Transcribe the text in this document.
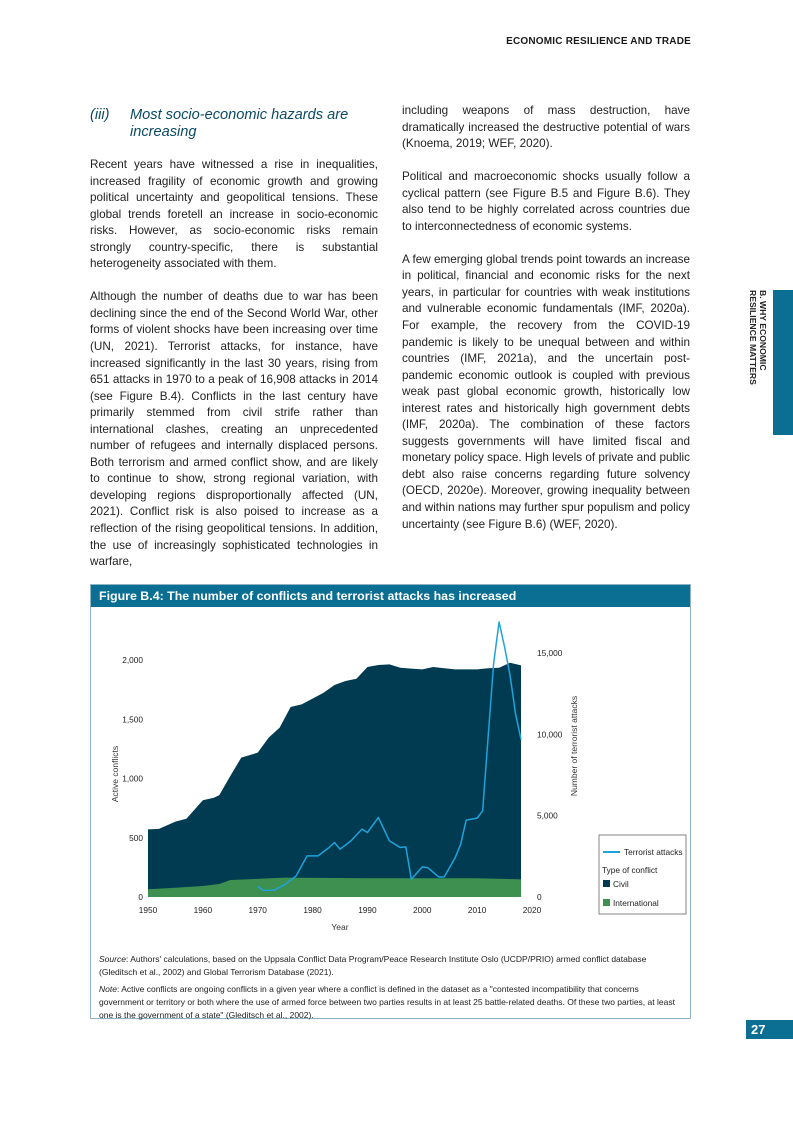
ECONOMIC RESILIENCE AND TRADE
(iii)	Most socio-economic hazards are increasing

Recent years have witnessed a rise in inequalities, increased fragility of economic growth and growing political uncertainty and geopolitical tensions. These global trends foretell an increase in socio-economic risks. However, as socio-economic risks remain strongly country-specific, there is substantial heterogeneity associated with them.

Although the number of deaths due to war has been declining since the end of the Second World War, other forms of violent shocks have been increasing over time (UN, 2021). Terrorist attacks, for instance, have increased significantly in the last 30 years, rising from 651 attacks in 1970 to a peak of 16,908 attacks in 2014 (see Figure B.4). Conflicts in the last century have primarily stemmed from civil strife rather than international clashes, creating an unprecedented number of refugees and internally displaced persons. Both terrorism and armed conflict show, and are likely to continue to show, strong regional variation, with developing regions disproportionally affected (UN, 2021). Conflict risk is also poised to increase as a reflection of the rising geopolitical tensions. In addition, the use of increasingly sophisticated technologies in warfare,

including weapons of mass destruction, have dramatically increased the destructive potential of wars (Knoema, 2019; WEF, 2020).

Political and macroeconomic shocks usually follow a cyclical pattern (see Figure B.5 and Figure B.6). They also tend to be highly correlated across countries due to interconnectedness of economic systems.

A few emerging global trends point towards an increase in political, financial and economic risks for the next years, in particular for countries with weak institutions and vulnerable economic fundamentals (IMF, 2020a). For example, the recovery from the COVID-19 pandemic is likely to be unequal between and within countries (IMF, 2021a), and the uncertain post-pandemic economic outlook is coupled with previous weak past global economic growth, historically low interest rates and historically high government debts (IMF, 2020a). The combination of these factors suggests governments will have limited fiscal and monetary policy space. High levels of private and public debt also raise concerns regarding future solvency (OECD, 2020e). Moreover, growing inequality between and within nations may further spur populism and policy uncertainty (see Figure B.6) (WEF, 2020).

B. WHY ECONOMIC
RESILIENCE MATTERS
Figure B.4: The number of conflicts and terrorist attacks has increased
0
500
1,000
1,500
2,000
0
5,000
10,000
15,000
1950	1960	1970	1980	1990	2000	2010	2020
Year
Active conflicts	Number of terrorist attacks
Terrorist attacks
Type of conflict
Civil
International

Source: Authors' calculations, based on the Uppsala Conflict Data Program/Peace Research Institute Oslo (UCDP/PRIO) armed conflict database (Gleditsch et al., 2002) and Global Terrorism Database (2021).

Note: Active conflicts are ongoing conflicts in a given year where a conflict is defined in the dataset as a "contested incompatibility that concerns government or territory or both where the use of armed force between two parties results in at least 25 battle-related deaths. Of these two parties, at least one is the government of a state" (Gleditsch et al., 2002).

27
